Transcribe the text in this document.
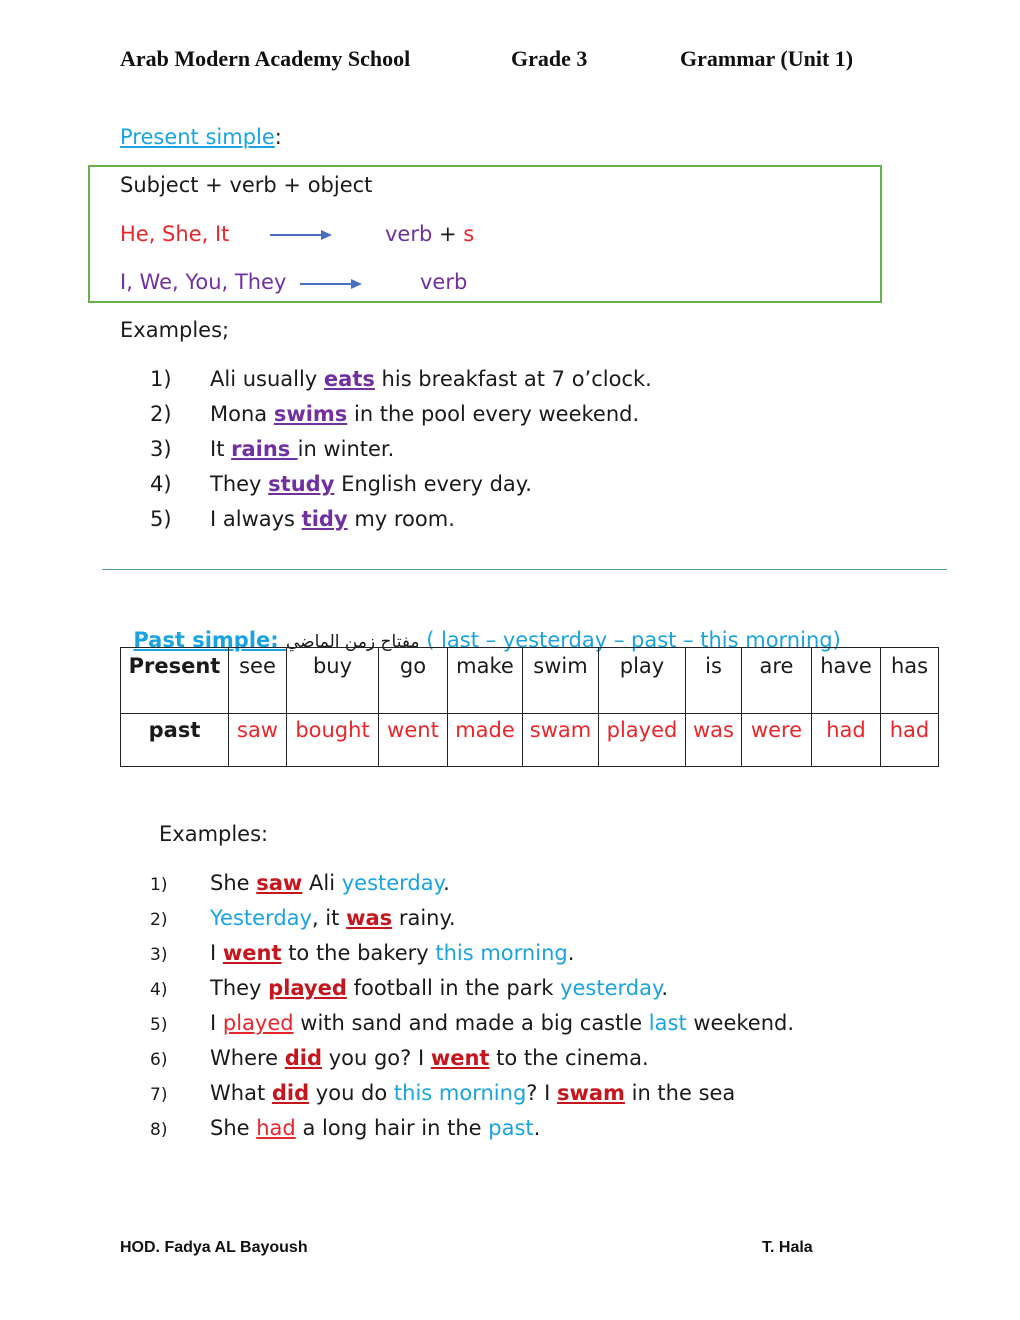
Arab Modern Academy School	Grade 3	Grammar (Unit 1)
Present simple:
Subject + verb + object
He, She, It	verb + s
I, We, You, They	verb
Examples;
1) Ali usually eats his breakfast at 7 o’clock.
2) Mona swims in the pool every weekend.
3) It rains in winter.
4) They study English every day.
5) I always tidy my room.

Past simple: مفتاح زمن الماضي ( last – yesterday – past – this morning)

Present	see	buy	go	make	swim	play	is	are	have	has
past	saw	bought	went	made	swam	played	was	were	had	had
Examples:
1) She saw Ali yesterday.
2) Yesterday, it was rainy.
3) I went to the bakery this morning.
4) They played football in the park yesterday.
5) I played with sand and made a big castle last weekend.
6) Where did you go? I went to the cinema.
7) What did you do this morning? I swam in the sea
8) She had a long hair in the past.
HOD. Fadya AL Bayoush	T. Hala
